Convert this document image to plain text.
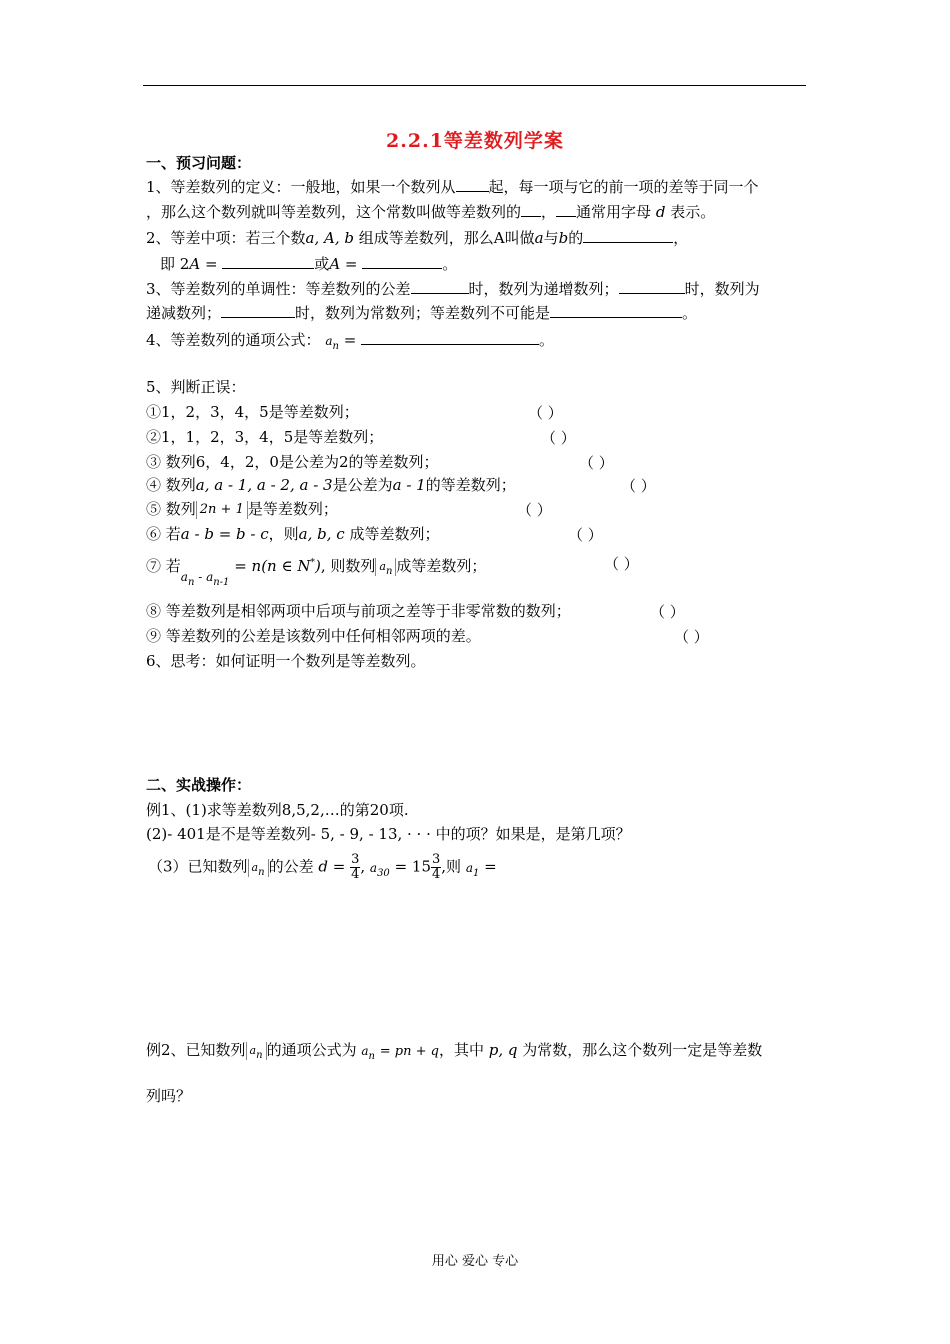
2.2.1等差数列学案
一、预习问题：
1、等差数列的定义：一般地，如果一个数列从 起，每一项与它的前一项的差等于同一个
，那么这个数列就叫等差数列，这个常数叫做等差数列的 ， 通常用字母 d 表示。
2、等差中项：若三个数a, A, b 组成等差数列，那么A叫做a与b的	，
即 2A =	或A =	。
3、等差数列的单调性：等差数列的公差	时，数列为递增数列；	时，数列为
递减数列；	时，数列为常数列；等差数列不可能是	。
4、等差数列的通项公式： $a_n$ =	。
5、判断正误：
①1，2，3，4，5是等差数列；	（ ）
②1，1，2，3，4，5是等差数列；	（ ）
③ 数列6，4，2，0是公差为2的等差数列；	（ ）
④ 数列a, a - 1, a - 2, a - 3是公差为a - 1的等差数列；	（ ）
⑤ 数列 2n + 1 是等差数列；	（ ）
⑥ 若a - b = b - c，则a, b, c 成等差数列；	（ ）
⑦ 若$_{a_n - a_{n-1}}$ = n(n ∈ N*), 则数列 an 成等差数列；	（ ）
⑧ 等差数列是相邻两项中后项与前项之差等于非零常数的数列；	（ ）
⑨ 等差数列的公差是该数列中任何相邻两项的差。	（ ）
6、思考：如何证明一个数列是等差数列。
二、实战操作：
例1、(1)求等差数列8,5,2,…的第20项.
(2)- 401是不是等差数列- 5, - 9, - 13, · · · 中的项？如果是，是第几项？
（3）已知数列 an 的公差 $d = \frac{3}{4}$ , $a_{30} = 15 \frac{3}{4}$ ,则 $a_1$ =
例2、已知数列 an 的通项公式为 $a_n$ = pn + q，其中 p, q 为常数，那么这个数列一定是等差数
列吗？
用心 爱心 专心
